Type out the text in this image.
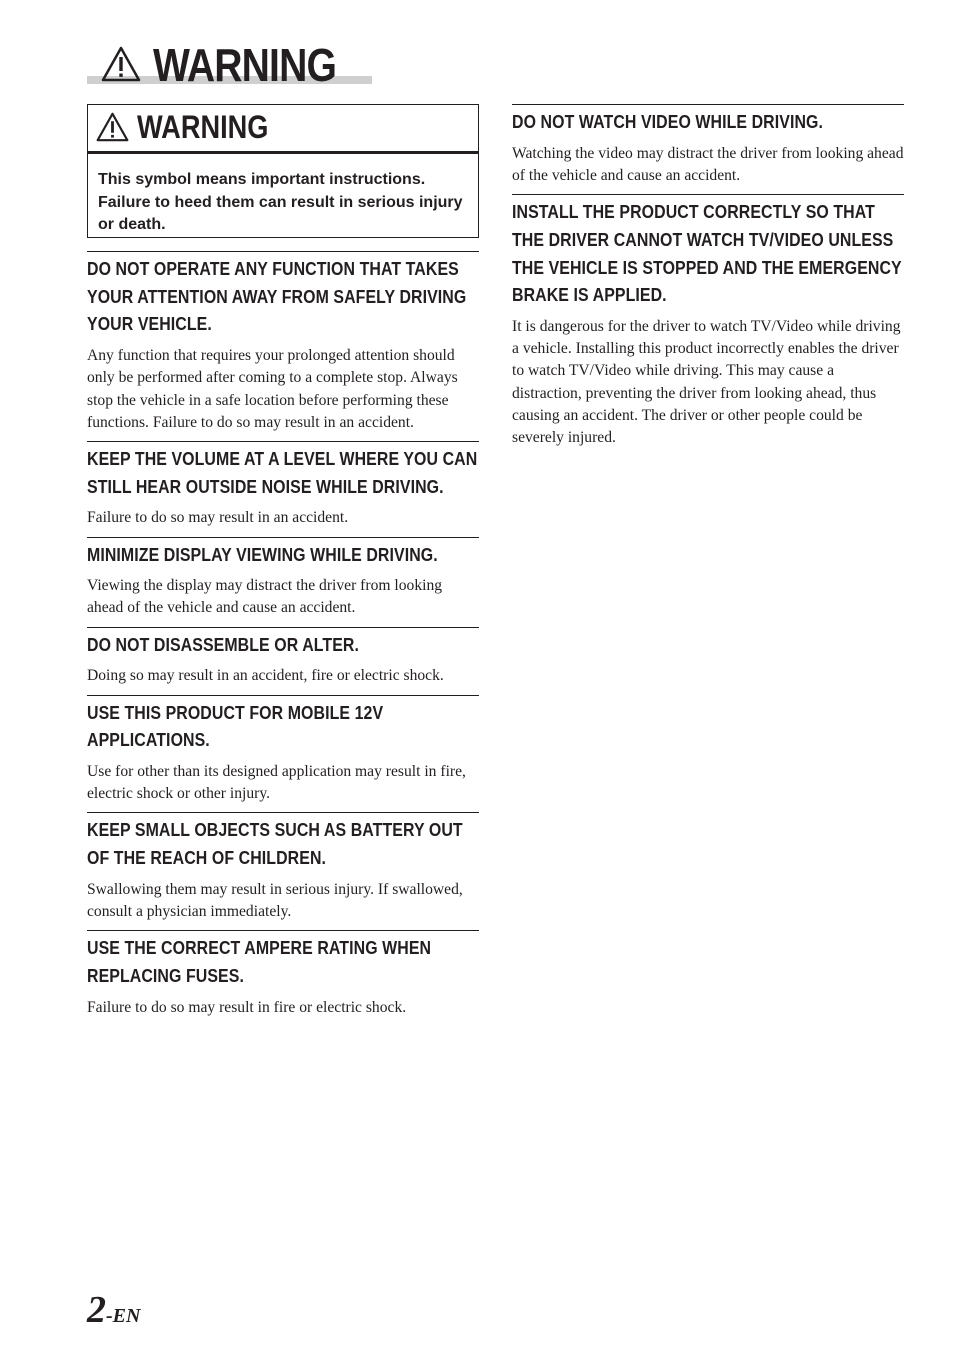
WARNING
WARNING
This symbol means important instructions. Failure to heed them can result in serious injury or death.
DO NOT OPERATE ANY FUNCTION THAT TAKES YOUR ATTENTION AWAY FROM SAFELY DRIVING YOUR VEHICLE.

Any function that requires your prolonged attention should only be performed after coming to a complete stop. Always stop the vehicle in a safe location before performing these functions. Failure to do so may result in an accident.

KEEP THE VOLUME AT A LEVEL WHERE YOU CAN STILL HEAR OUTSIDE NOISE WHILE DRIVING.

Failure to do so may result in an accident.

MINIMIZE DISPLAY VIEWING WHILE DRIVING.

Viewing the display may distract the driver from looking ahead of the vehicle and cause an accident.

DO NOT DISASSEMBLE OR ALTER.

Doing so may result in an accident, fire or electric shock.

USE THIS PRODUCT FOR MOBILE 12V APPLICATIONS.

Use for other than its designed application may result in fire, electric shock or other injury.

KEEP SMALL OBJECTS SUCH AS BATTERY OUT OF THE REACH OF CHILDREN.

Swallowing them may result in serious injury. If swallowed, consult a physician immediately.

USE THE CORRECT AMPERE RATING WHEN REPLACING FUSES.

Failure to do so may result in fire or electric shock.

DO NOT WATCH VIDEO WHILE DRIVING.

Watching the video may distract the driver from looking ahead of the vehicle and cause an accident.

INSTALL THE PRODUCT CORRECTLY SO THAT THE DRIVER CANNOT WATCH TV/VIDEO UNLESS THE VEHICLE IS STOPPED AND THE EMERGENCY BRAKE IS APPLIED.

It is dangerous for the driver to watch TV/Video while driving a vehicle. Installing this product incorrectly enables the driver to watch TV/Video while driving. This may cause a distraction, preventing the driver from looking ahead, thus causing an accident. The driver or other people could be severely injured.

2-EN
